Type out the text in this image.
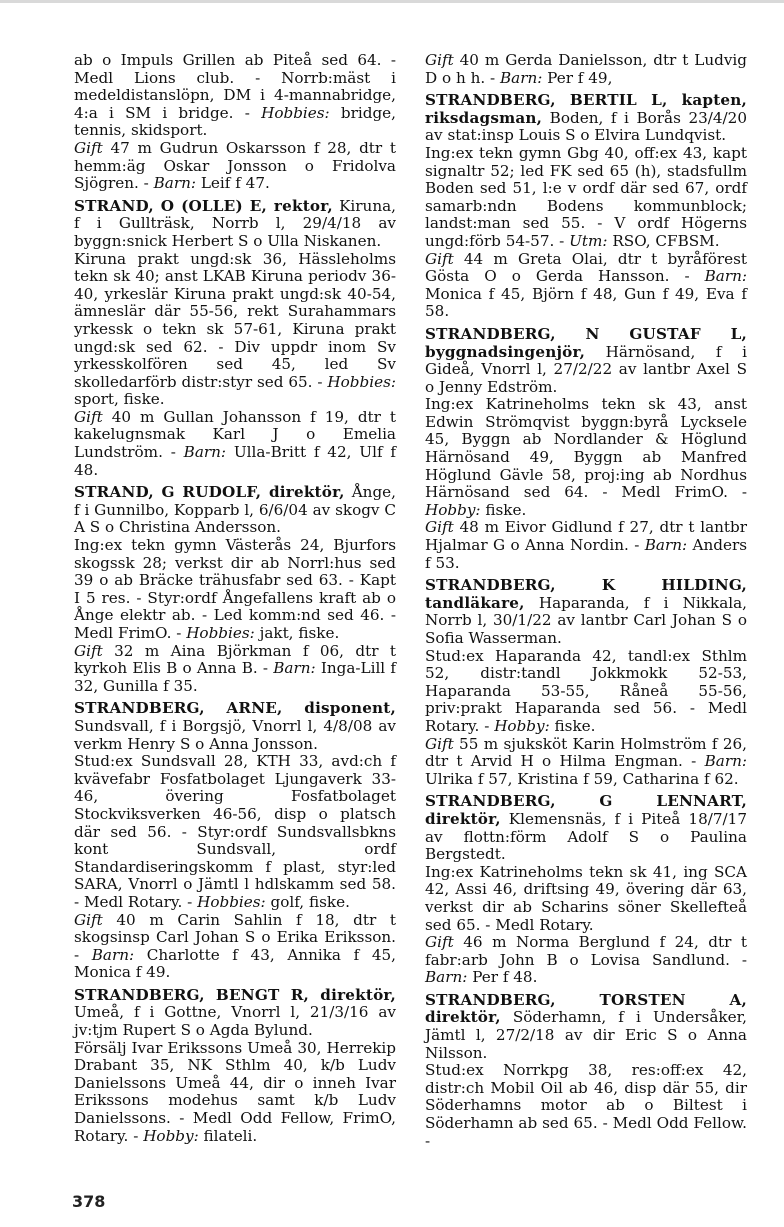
ab o Impuls Grillen ab Piteå sed 64. - Medl Lions club. - Norrb:mäst i medeldistanslöpn, DM i 4-mannabridge, 4:a i SM i bridge. - Hobbies: bridge, tennis, skidsport.

Gift 47 m Gudrun Oskarsson f 28, dtr t hemm:äg Oskar Jonsson o Fridolva Sjögren. - Barn: Leif f 47.

STRAND, O (OLLE) E, rektor, Kiruna, f i Gullträsk, Norrb l, 29/4/18 av byggn:snick Herbert S o Ulla Niskanen.

Kiruna prakt ungd:sk 36, Hässleholms tekn sk 40; anst LKAB Kiruna periodv 36-40, yrkeslär Kiruna prakt ungd:sk 40-54, ämneslär där 55-56, rekt Surahammars yrkessk o tekn sk 57-61, Kiruna prakt ungd:sk sed 62. - Div uppdr inom Sv yrkesskolfören sed 45, led Sv skolledarförb distr:styr sed 65. - Hobbies: sport, fiske.

Gift 40 m Gullan Johansson f 19, dtr t kakelugnsmak Karl J o Emelia Lundström. - Barn: Ulla-Britt f 42, Ulf f 48.

STRAND, G RUDOLF, direktör, Ånge, f i Gunnilbo, Kopparb l, 6/6/04 av skogv C A S o Christina Andersson.

Ing:ex tekn gymn Västerås 24, Bjurfors skogssk 28; verkst dir ab Norrl:hus sed 39 o ab Bräcke trähusfabr sed 63. - Kapt I 5 res. - Styr:ordf Ångefallens kraft ab o Ånge elektr ab. - Led komm:nd sed 46. - Medl FrimO. - Hobbies: jakt, fiske.

Gift 32 m Aina Björkman f 06, dtr t kyrkoh Elis B o Anna B. - Barn: Inga-Lill f 32, Gunilla f 35.

STRANDBERG, ARNE, disponent, Sundsvall, f i Borgsjö, Vnorrl l, 4/8/08 av verkm Henry S o Anna Jonsson.

Stud:ex Sundsvall 28, KTH 33, avd:ch f kvävefabr Fosfatbolaget Ljungaverk 33-46, övering Fosfatbolaget Stockviksverken 46-56, disp o platsch där sed 56. - Styr:ordf Sundsvallsbkns kont Sundsvall, ordf Standardiseringskomm f plast, styr:led SARA, Vnorrl o Jämtl l hdlskamm sed 58. - Medl Rotary. - Hobbies: golf, fiske.

Gift 40 m Carin Sahlin f 18, dtr t skogsinsp Carl Johan S o Erika Eriksson. - Barn: Charlotte f 43, Annika f 45, Monica f 49.

STRANDBERG, BENGT R, direktör, Umeå, f i Gottne, Vnorrl l, 21/3/16 av jv:tjm Rupert S o Agda Bylund.

Försälj Ivar Erikssons Umeå 30, Herrekip Drabant 35, NK Sthlm 40, k/b Ludv Danielssons Umeå 44, dir o inneh Ivar Erikssons modehus samt k/b Ludv Danielssons. - Medl Odd Fellow, FrimO, Rotary. - Hobby: filateli.

Gift 40 m Gerda Danielsson, dtr t Ludvig D o h h. - Barn: Per f 49,

STRANDBERG, BERTIL L, kapten, riksdagsman, Boden, f i Borås 23/4/20 av stat:insp Louis S o Elvira Lundqvist.

Ing:ex tekn gymn Gbg 40, off:ex 43, kapt signaltr 52; led FK sed 65 (h), stadsfullm Boden sed 51, l:e v ordf där sed 67, ordf samarb:ndn Bodens kommunblock; landst:man sed 55. - V ordf Högerns ungd:förb 54-57. - Utm: RSO, CFBSM.

Gift 44 m Greta Olai, dtr t byråförest Gösta O o Gerda Hansson. - Barn: Monica f 45, Björn f 48, Gun f 49, Eva f 58.

STRANDBERG, N GUSTAF L, byggnadsingenjör, Härnösand, f i Gideå, Vnorrl l, 27/2/22 av lantbr Axel S o Jenny Edström.

Ing:ex Katrineholms tekn sk 43, anst Edwin Strömqvist byggn:byrå Lycksele 45, Byggn ab Nordlander & Höglund Härnösand 49, Byggn ab Manfred Höglund Gävle 58, proj:ing ab Nordhus Härnösand sed 64. - Medl FrimO. - Hobby: fiske.

Gift 48 m Eivor Gidlund f 27, dtr t lantbr Hjalmar G o Anna Nordin. - Barn: Anders f 53.

STRANDBERG, K HILDING, tandläkare, Haparanda, f i Nikkala, Norrb l, 30/1/22 av lantbr Carl Johan S o Sofia Wasserman.

Stud:ex Haparanda 42, tandl:ex Sthlm 52, distr:tandl Jokkmokk 52-53, Haparanda 53-55, Råneå 55-56, priv:prakt Haparanda sed 56. - Medl Rotary. - Hobby: fiske.

Gift 55 m sjuksköt Karin Holmström f 26, dtr t Arvid H o Hilma Engman. - Barn: Ulrika f 57, Kristina f 59, Catharina f 62.

STRANDBERG, G LENNART, direktör, Klemensnäs, f i Piteå 18/7/17 av flottn:förm Adolf S o Paulina Bergstedt.

Ing:ex Katrineholms tekn sk 41, ing SCA 42, Assi 46, driftsing 49, övering där 63, verkst dir ab Scharins söner Skellefteå sed 65. - Medl Rotary.

Gift 46 m Norma Berglund f 24, dtr t fabr:arb John B o Lovisa Sandlund. - Barn: Per f 48.

STRANDBERG, TORSTEN A, direktör, Söderhamn, f i Undersåker, Jämtl l, 27/2/18 av dir Eric S o Anna Nilsson.

Stud:ex Norrkpg 38, res:off:ex 42, distr:ch Mobil Oil ab 46, disp där 55, dir Söderhamns motor ab o Biltest i Söderhamn ab sed 65. - Medl Odd Fellow. -

378
